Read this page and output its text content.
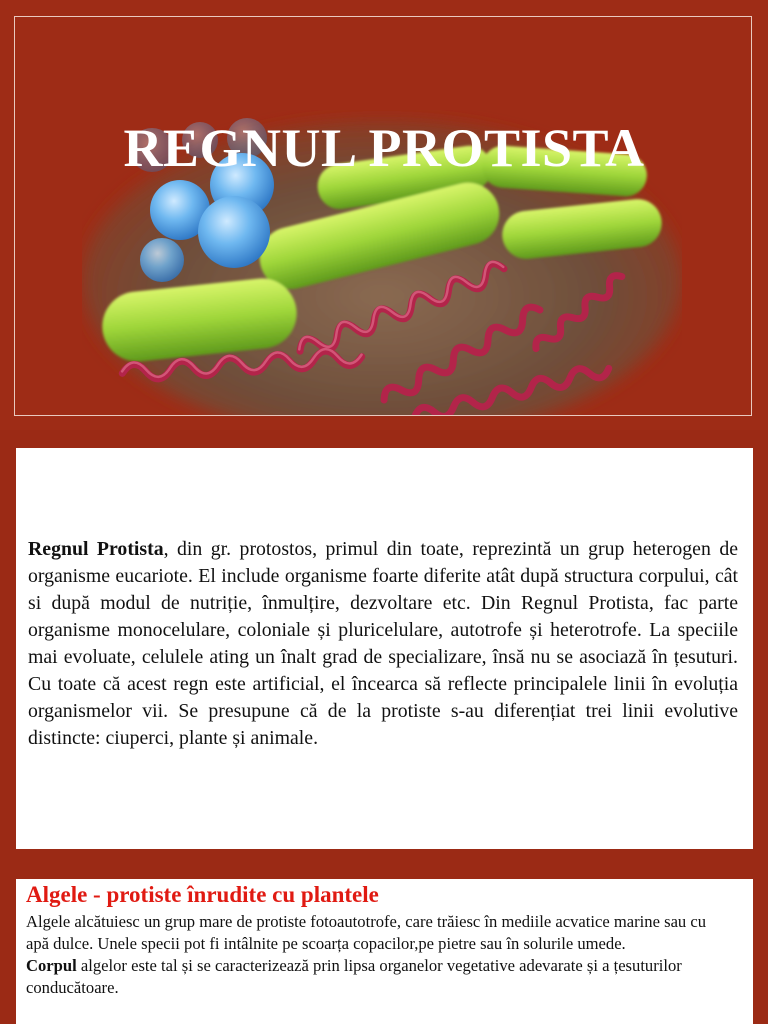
REGNUL PROTISTA

Regnul Protista, din gr. protostos, primul din toate, reprezintă un grup heterogen de organisme eucariote. El include organisme foarte diferite atât după structura corpului, cât si după modul de nutriție, înmulțire, dezvoltare etc. Din Regnul Protista, fac parte organisme monocelulare, coloniale și pluricelulare, autotrofe și heterotrofe. La speciile mai evoluate, celulele ating un înalt grad de specializare, însă nu se asociază în țesuturi. Cu toate că acest regn este artificial, el încearca să reflecte principalele linii în evoluția organismelor vii. Se presupune că de la protiste s-au diferențiat trei linii evolutive distincte: ciuperci, plante și animale.

Algele - protiste înrudite cu plantele

Algele alcătuiesc un grup mare de protiste fotoautotrofe, care trăiesc în mediile acvatice marine sau cu apă dulce. Unele specii pot fi intâlnite pe scoarța copacilor,pe pietre sau în solurile umede.

Corpul algelor este tal și se caracterizează prin lipsa organelor vegetative adevarate și a țesuturilor conducătoare.
